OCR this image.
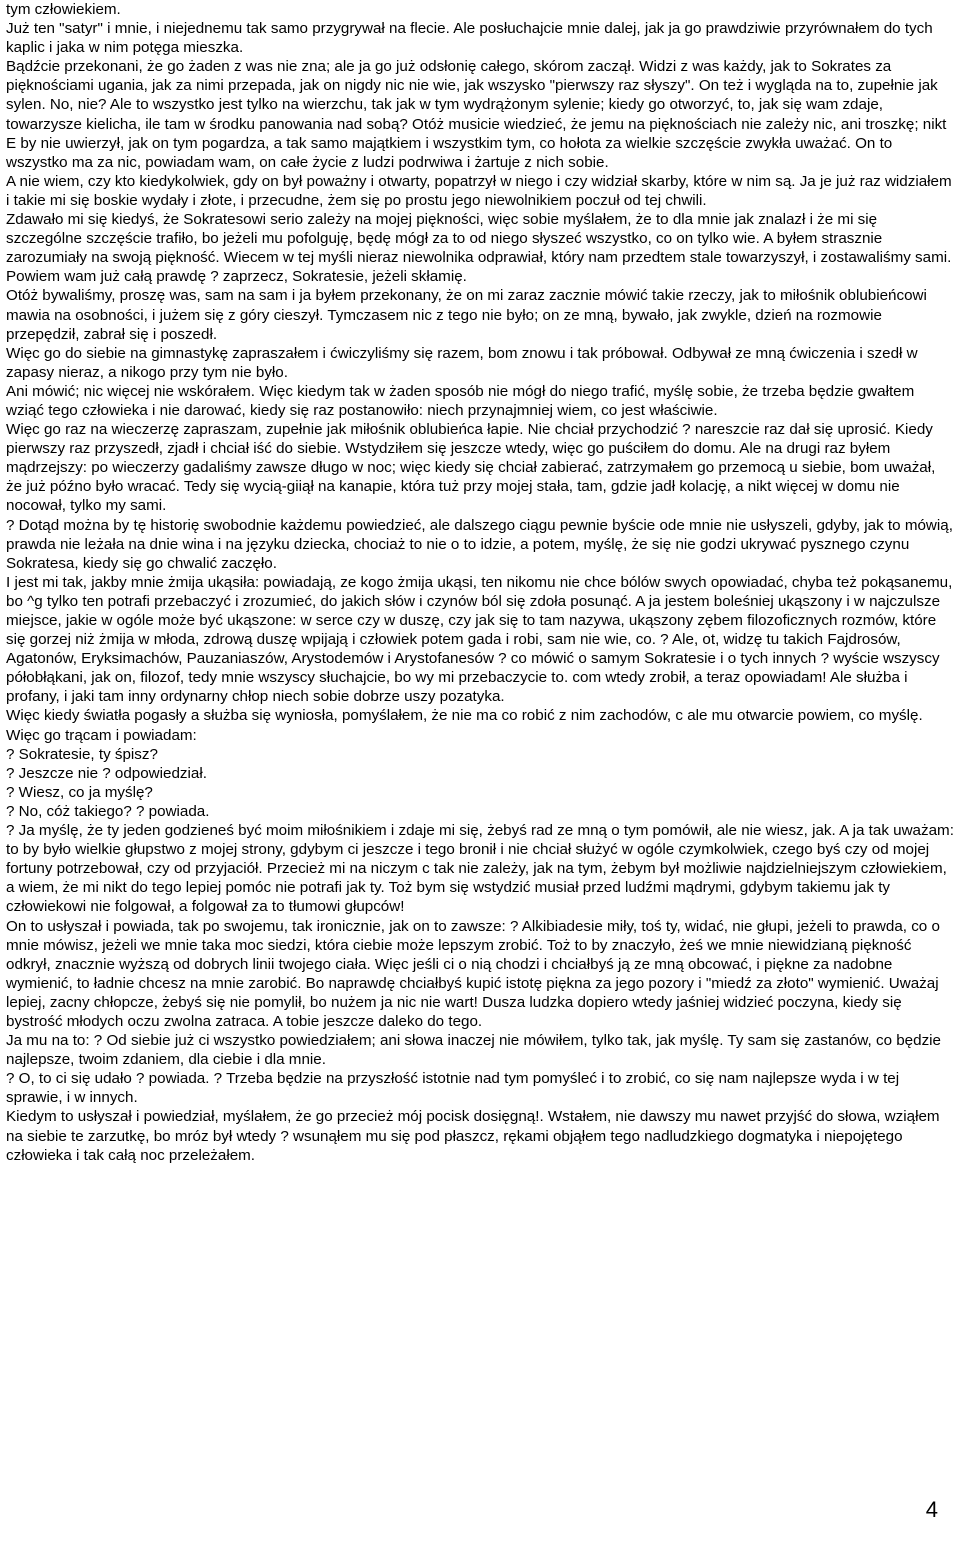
tym człowiekiem.

Już ten "satyr" i mnie, i niejednemu tak samo przygrywał na flecie. Ale posłuchajcie mnie dalej, jak ja go prawdziwie przyrównałem do tych kaplic i jaka w nim potęga mieszka.

Bądźcie przekonani, że go żaden z was nie zna; ale ja go już odsłonię całego, skórom zaczął. Widzi z was każdy, jak to Sokrates za pięknościami ugania, jak za nimi przepada, jak on nigdy nic nie wie, jak wszysko "pierwszy raz słyszy". On też i wygląda na to, zupełnie jak sylen. No, nie? Ale to wszystko jest tylko na wierzchu, tak jak w tym wydrążonym sylenie; kiedy go otworzyć, to, jak się wam zdaje, towarzysze kielicha, ile tam w środku panowania nad sobą? Otóż musicie wiedzieć, że jemu na pięknościach nie zależy nic, ani troszkę; nikt E by nie uwierzył, jak on tym pogardza, a tak samo majątkiem i wszystkim tym, co hołota za wielkie szczęście zwykła uważać. On to wszystko ma za nic, powiadam wam, on całe życie z ludzi podrwiwa i żartuje z nich sobie.

A nie wiem, czy kto kiedykolwiek, gdy on był poważny i otwarty, popatrzył w niego i czy widział skarby, które w nim są. Ja je już raz widziałem i takie mi się boskie wydały i złote, i przecudne, żem się po prostu jego niewolnikiem poczuł od tej chwili.

Zdawało mi się kiedyś, że Sokratesowi serio zależy na mojej piękności, więc sobie myślałem, że to dla mnie jak znalazł i że mi się szczególne szczęście trafiło, bo jeżeli mu pofolguję, będę mógł za to od niego słyszeć wszystko, co on tylko wie. A byłem strasznie zarozumiały na swoją piękność. Wiecem w tej myśli nieraz niewolnika odprawiał, który nam przedtem stale towarzyszył, i zostawaliśmy sami. Powiem wam już całą prawdę ? zaprzecz, Sokratesie, jeżeli skłamię.

Otóż bywaliśmy, proszę was, sam na sam i ja byłem przekonany, że on mi zaraz zacznie mówić takie rzeczy, jak to miłośnik oblubieńcowi mawia na osobności, i jużem się z góry cieszył. Tymczasem nic z tego nie było; on ze mną, bywało, jak zwykle, dzień na rozmowie przepędził, zabrał się i poszedł.

Więc go do siebie na gimnastykę zapraszałem i ćwiczyliśmy się razem, bom znowu i tak próbował. Odbywał ze mną ćwiczenia i szedł w zapasy nieraz, a nikogo przy tym nie było.

Ani mówić; nic więcej nie wskórałem. Więc kiedym tak w żaden sposób nie mógł do niego trafić, myślę sobie, że trzeba będzie gwałtem wziąć tego człowieka i nie darować, kiedy się raz postanowiło: niech przynajmniej wiem, co jest właściwie.

Więc go raz na wieczerzę zapraszam, zupełnie jak miłośnik oblubieńca łapie. Nie chciał przychodzić ? nareszcie raz dał się uprosić. Kiedy pierwszy raz przyszedł, zjadł i chciał iść do siebie. Wstydziłem się jeszcze wtedy, więc go puściłem do domu. Ale na drugi raz byłem mądrzejszy: po wieczerzy gadaliśmy zawsze długo w noc; więc kiedy się chciał zabierać, zatrzymałem go przemocą u siebie, bom uważał, że już późno było wracać. Tedy się wycią-giiął na kanapie, która tuż przy mojej stała, tam, gdzie jadł kolację, a nikt więcej w domu nie nocował, tylko my sami.

? Dotąd można by tę historię swobodnie każdemu powiedzieć, ale dalszego ciągu pewnie byście ode mnie nie usłyszeli, gdyby, jak to mówią, prawda nie leżała na dnie wina i na języku dziecka, chociaż to nie o to idzie, a potem, myślę, że się nie godzi ukrywać pysznego czynu Sokratesa, kiedy się go chwalić zaczęło.

I jest mi tak, jakby mnie żmija ukąsiła: powiadają, ze kogo żmija ukąsi, ten nikomu nie chce bólów swych opowiadać, chyba też pokąsanemu, bo ^g tylko ten potrafi przebaczyć i zrozumieć, do jakich słów i czynów ból się zdoła posunąć. A ja jestem boleśniej ukąszony i w najczulsze miejsce, jakie w ogóle może być ukąszone: w serce czy w duszę, czy jak się to tam nazywa, ukąszony zębem filozoficznych rozmów, które się gorzej niż żmija w młoda, zdrową duszę wpijają i człowiek potem gada i robi, sam nie wie, co. ? Ale, ot, widzę tu takich Fajdrosów, Agatonów, Eryksimachów, Pauzaniaszów, Arystodemów i Arystofanesów ? co mówić o samym Sokratesie i o tych innych ? wyście wszyscy półobłąkani, jak on, filozof, tedy mnie wszyscy słuchajcie, bo wy mi przebaczycie to. com wtedy zrobił, a teraz opowiadam! Ale służba i profany, i jaki tam inny ordynarny chłop niech sobie dobrze uszy pozatyka.

Więc kiedy światła pogasły a służba się wyniosła, pomyślałem, że nie ma co robić z nim zachodów, c ale mu otwarcie powiem, co myślę. Więc go trącam i powiadam:

? Sokratesie, ty śpisz?

? Jeszcze nie ? odpowiedział.

? Wiesz, co ja myślę?

? No, cóż takiego? ? powiada.

? Ja myślę, że ty jeden godzieneś być moim miłośnikiem i zdaje mi się, żebyś rad ze mną o tym pomówił, ale nie wiesz, jak. A ja tak uważam: to by było wielkie głupstwo z mojej strony, gdybym ci jeszcze i tego bronił i nie chciał służyć w ogóle czymkolwiek, czego byś czy od mojej fortuny potrzebował, czy od przyjaciół. Przecież mi na niczym c tak nie zależy, jak na tym, żebym był możliwie najdzielniejszym człowiekiem, a wiem, że mi nikt do tego lepiej pomóc nie potrafi jak ty. Toż bym się wstydzić musiał przed ludźmi mądrymi, gdybym takiemu jak ty człowiekowi nie folgował, a folgował za to tłumowi głupców!

On to usłyszał i powiada, tak po swojemu, tak ironicznie, jak on to zawsze: ? Alkibiadesie miły, toś ty, widać, nie głupi, jeżeli to prawda, co o mnie mówisz, jeżeli we mnie taka moc siedzi, która ciebie może lepszym zrobić. Toż to by znaczyło, żeś we mnie niewidzianą piękność odkrył, znacznie wyższą od dobrych linii twojego ciała. Więc jeśli ci o nią chodzi i chciałbyś ją ze mną obcować, i piękne za nadobne wymienić, to ładnie chcesz na mnie zarobić. Bo naprawdę chciałbyś kupić istotę piękna za jego pozory i "miedź za złoto" wymienić. Uważaj lepiej, zacny chłopcze, żebyś się nie pomylił, bo nużem ja nic nie wart! Dusza ludzka dopiero wtedy jaśniej widzieć poczyna, kiedy się bystrość młodych oczu zwolna zatraca. A tobie jeszcze daleko do tego.

Ja mu na to: ? Od siebie już ci wszystko powiedziałem; ani słowa inaczej nie mówiłem, tylko tak, jak myślę. Ty sam się zastanów, co będzie najlepsze, twoim zdaniem, dla ciebie i dla mnie.

? O, to ci się udało ? powiada. ? Trzeba będzie na przyszłość istotnie nad tym pomyśleć i to zrobić, co się nam najlepsze wyda i w tej sprawie, i w innych.

Kiedym to usłyszał i powiedział, myślałem, że go przecież mój pocisk dosięgną!. Wstałem, nie dawszy mu nawet przyjść do słowa, wziąłem na siebie te zarzutkę, bo mróz był wtedy ? wsunąłem mu się pod płaszcz, rękami objąłem tego nadludzkiego dogmatyka i niepojętego człowieka i tak całą noc przeleżałem.

4
